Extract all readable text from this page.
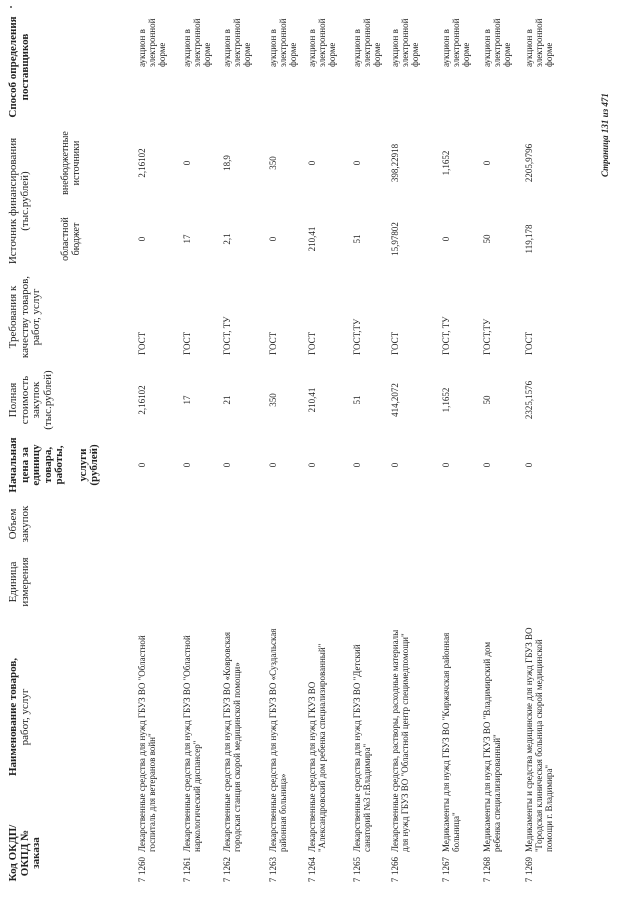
Код ОКДП/ ОКПД № заказа
Наименование товаров, работ, услуг
Единица измерения
Объем закупок
Начальная цена за единицу товара, работы, услуги (рублей)
Полная стоимость закупок (тыс.рублей)
Требования к качеству товаров, работ, услуг
Источник финансирования (тыс.рублей)
областной бюджет
внебюджетные источники
Способ определения поставщиков
7
1260
Лекарственные средства для нужд ГБУЗ ВО "Областной госпиталь для ветеранов войн"
0
2,16102
ГОСТ
0
2,16102
аукцион в электронной форме
7
1261
Лекарственные средства для нужд ГБУЗ ВО "Областной наркологический диспансер"
0
17
ГОСТ
17
0
аукцион в электронной форме
7
1262
Лекарственные средства для нужд ГБУЗ ВО «Ковровская городская станция скорой медицинской помощи»
0
21
ГОСТ, ТУ
2,1
18,9
аукцион в электронной форме
7
1263
Лекарственные средства для нужд ГБУЗ ВО «Суздальская районная больница»
0
350
ГОСТ
0
350
аукцион в электронной форме
7
1264
Лекарственные средства для нужд ГКУЗ ВО "Александровский дом ребенка специализированный"
0
210,41
ГОСТ
210,41
0
аукцион в электронной форме
7
1265
Лекарственные средства для нужд ГБУЗ ВО "Детский санаторий №3 г.Владимира"
0
51
ГОСТ,ТУ
51
0
аукцион в электронной форме
7
1266
Лекарственные средства, растворы, расходные материалы для нужд ГБУЗ ВО "Областной центр специмедпомощи"
0
414,2072
ГОСТ
15,97802
398,22918
аукцион в электронной форме
7
1267
Медикаменты для нужд ГБУЗ ВО "Киржачская районная больница"
0
1,1652
ГОСТ, ТУ
0
1,1652
аукцион в электронной форме
7
1268
Медикаменты для нужд ГКУЗ ВО "Владимирский дом ребенка специализированный"
0
50
ГОСТ,ТУ
50
0
аукцион в электронной форме
7
1269
Медикаменты и средства медицинские для нужд ГБУЗ ВО "Городская клиническая больница скорой медицинской помощи г. Владимира"
0
2325,1576
ГОСТ
119,178
2205,9796
аукцион в электронной форме
Страница 131 из 471
